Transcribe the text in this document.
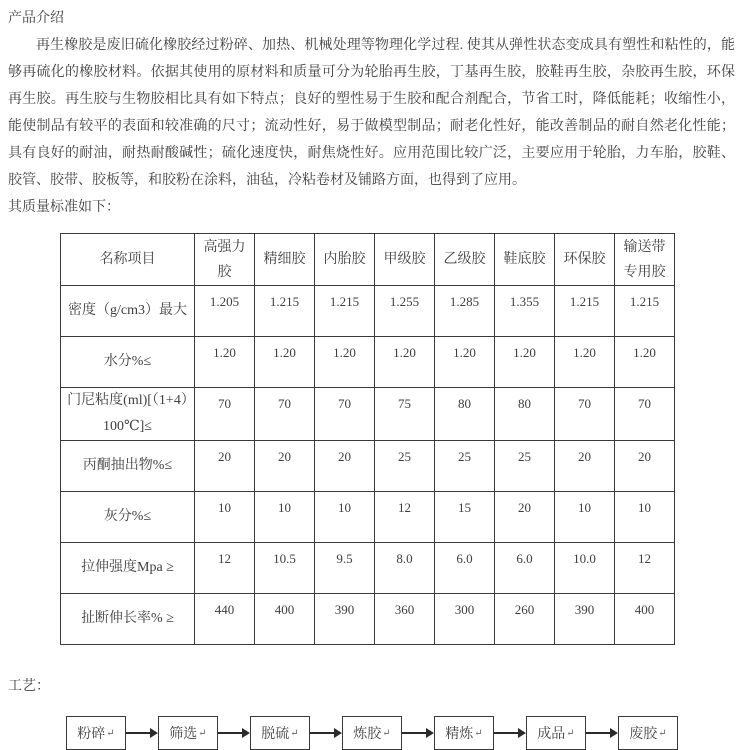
产品介绍

再生橡胶是废旧硫化橡胶经过粉碎、加热、机械处理等物理化学过程. 使其从弹性状态变成具有塑性和粘性的，能够再硫化的橡胶材料。依据其使用的原材料和质量可分为轮胎再生胶，丁基再生胶，胶鞋再生胶，杂胶再生胶，环保再生胶。再生胶与生物胶相比具有如下特点；良好的塑性易于生胶和配合剂配合，节省工时，降低能耗；收缩性小，能使制品有较平的表面和较准确的尺寸；流动性好，易于做模型制品；耐老化性好，能改善制品的耐自然老化性能；具有良好的耐油，耐热耐酸碱性；硫化速度快，耐焦烧性好。应用范围比较广泛，主要应用于轮胎，力车胎，胶鞋、胶管、胶带、胶板等，和胶粉在涂料，油毡，冷粘卷材及铺路方面，也得到了应用。

其质量标准如下：
名称项目	高强力胶	精细胶	内胎胶	甲级胶	乙级胶	鞋底胶	环保胶	输送带专用胶
密度（g/cm3）最大	1.205	1.215	1.215	1.255	1.285	1.355	1.215	1.215
水分%≤	1.20	1.20	1.20	1.20	1.20	1.20	1.20	1.20
门尼粘度(ml)[（1+4）100℃]≤	70	70	70	75	80	80	70	70
丙酮抽出物%≤	20	20	20	25	25	25	20	20
灰分%≤	10	10	10	12	15	20	10	10
拉伸强度Mpa ≥	12	10.5	9.5	8.0	6.0	6.0	10.0	12
扯断伸长率% ≥	440	400	390	360	300	260	390	400
工艺：
粉碎 ↵	筛选 ↵	脱硫 ↵	炼胶 ↵	精炼 ↵	成品 ↵	废胶 ↵
